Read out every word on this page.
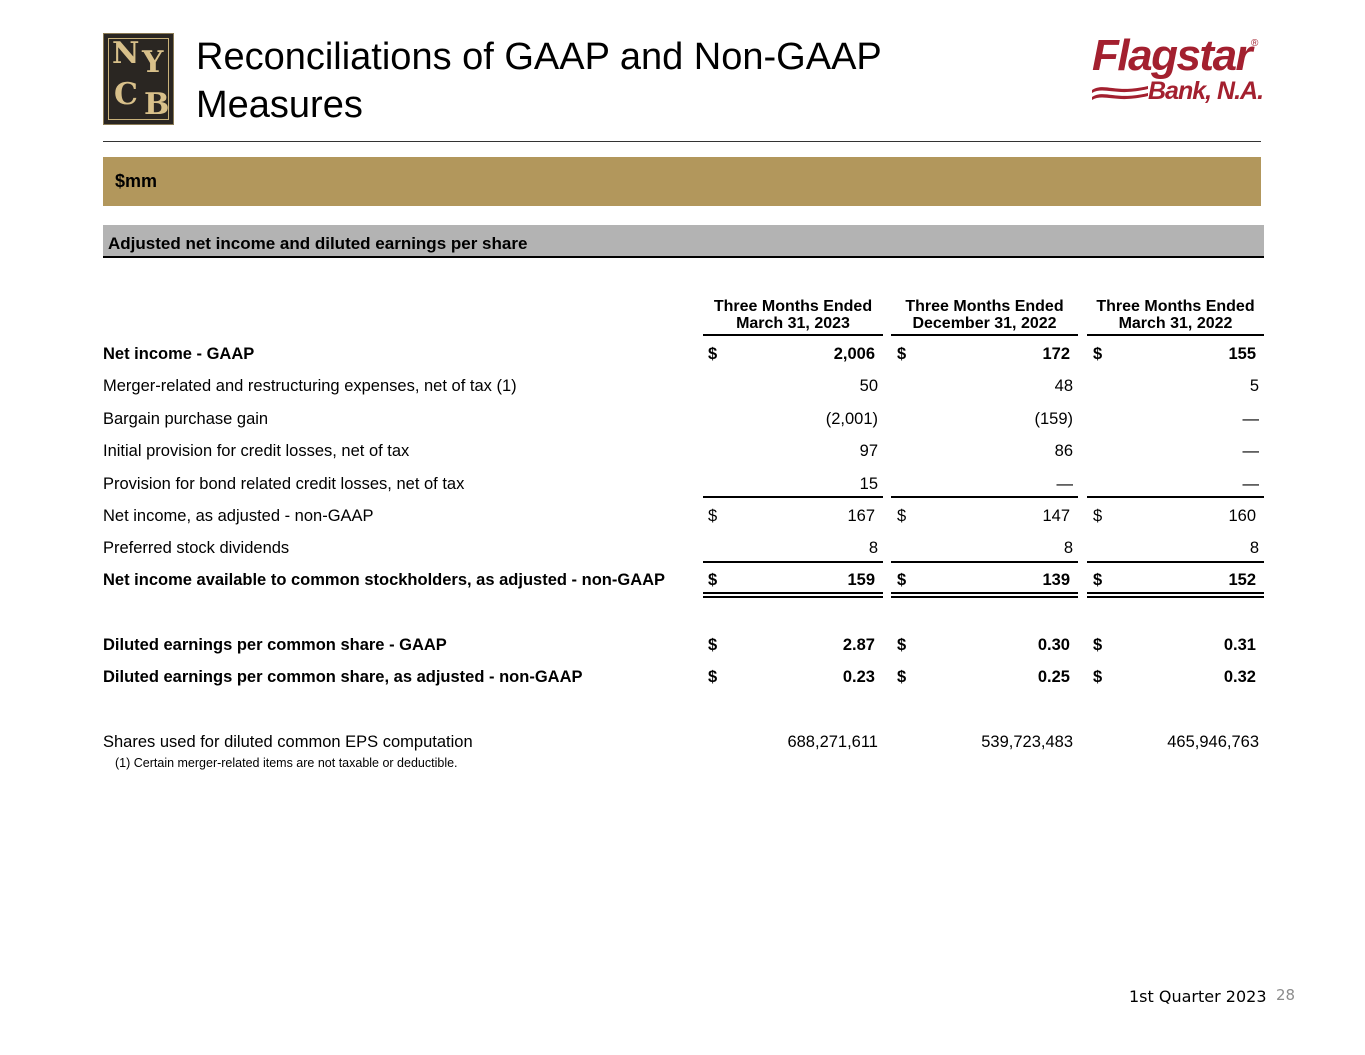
N Y
C B
Reconciliations of GAAP and Non-GAAP Measures
Flagstar ®
Bank, N.A.
$mm
Adjusted net income and diluted earnings per share
Three Months Ended March 31, 2023
Three Months Ended December 31, 2022
Three Months Ended March 31, 2022
Net income - GAAP	$	2,006 $	172 $	155
Merger-related and restructuring expenses, net of tax (1)	50	48	5
Bargain purchase gain	(2,001)	(159)	—
Initial provision for credit losses, net of tax	97	86	—
Provision for bond related credit losses, net of tax	15	—	—
Net income, as adjusted - non-GAAP	$	167 $	147 $	160
Preferred stock dividends	8	8	8
Net income available to common stockholders, as adjusted - non-GAAP	$	159 $	139 $	152
Diluted earnings per common share - GAAP	$	2.87 $	0.30 $	0.31
Diluted earnings per common share, as adjusted - non-GAAP	$	0.23 $	0.25 $	0.32
Shares used for diluted common EPS computation	688,271,611	539,723,483	465,946,763
(1) Certain merger-related items are not taxable or deductible.
1st Quarter 2023 28
